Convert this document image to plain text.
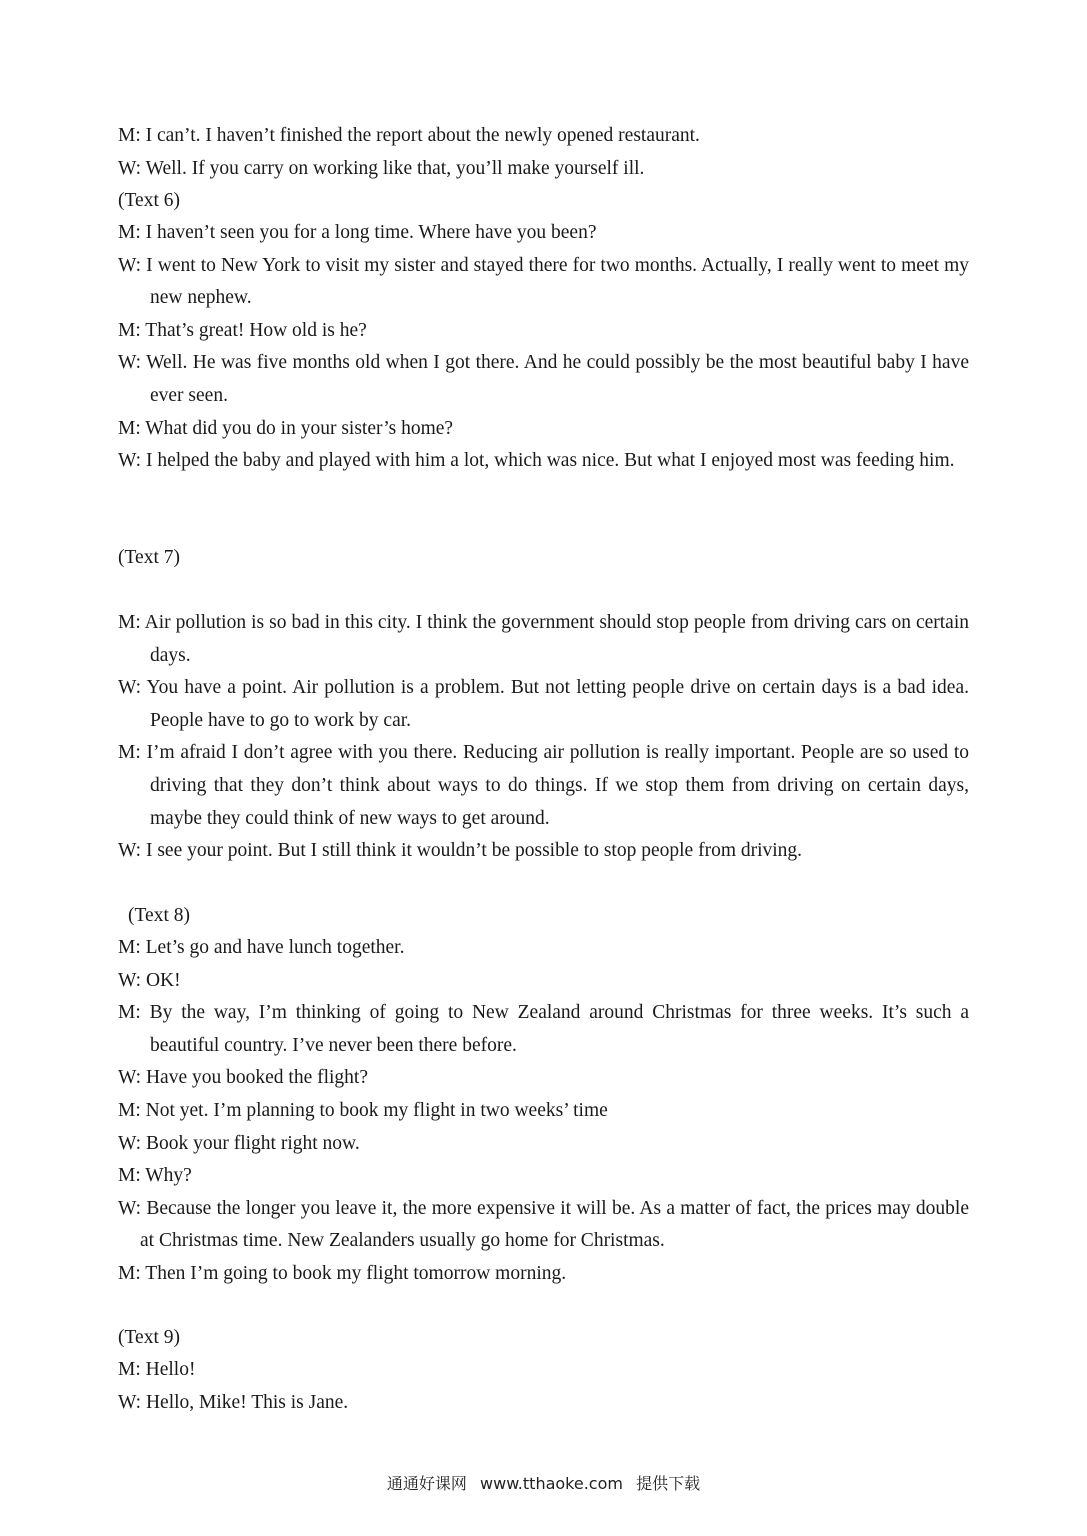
M: I can’t. I haven’t finished the report about the newly opened restaurant.
W: Well. If you carry on working like that, you’ll make yourself ill.
(Text 6)
M: I haven’t seen you for a long time. Where have you been?
W: I went to New York to visit my sister and stayed there for two months. Actually, I really went to meet my new nephew.
M: That’s great! How old is he?
W: Well. He was five months old when I got there. And he could possibly be the most beautiful baby I have ever seen.
M: What did you do in your sister’s home?
W: I helped the baby and played with him a lot, which was nice. But what I enjoyed most was feeding him.
(Text 7)
M: Air pollution is so bad in this city. I think the government should stop people from driving cars on certain days.
W: You have a point. Air pollution is a problem. But not letting people drive on certain days is a bad idea. People have to go to work by car.
M: I’m afraid I don’t agree with you there. Reducing air pollution is really important. People are so used to driving that they don’t think about ways to do things. If we stop them from driving on certain days, maybe they could think of new ways to get around.
W: I see your point. But I still think it wouldn’t be possible to stop people from driving.
(Text 8)
M: Let’s go and have lunch together.
W: OK!
M: By the way, I’m thinking of going to New Zealand around Christmas for three weeks. It’s such a beautiful country. I’ve never been there before.
W: Have you booked the flight?
M: Not yet. I’m planning to book my flight in two weeks’ time
W: Book your flight right now.
M: Why?
W: Because the longer you leave it, the more expensive it will be. As a matter of fact, the prices may double at Christmas time. New Zealanders usually go home for Christmas.
M: Then I’m going to book my flight tomorrow morning.
(Text 9)
M: Hello!
W: Hello, Mike! This is Jane.
通通好课网 www.tthaoke.com 提供下载
